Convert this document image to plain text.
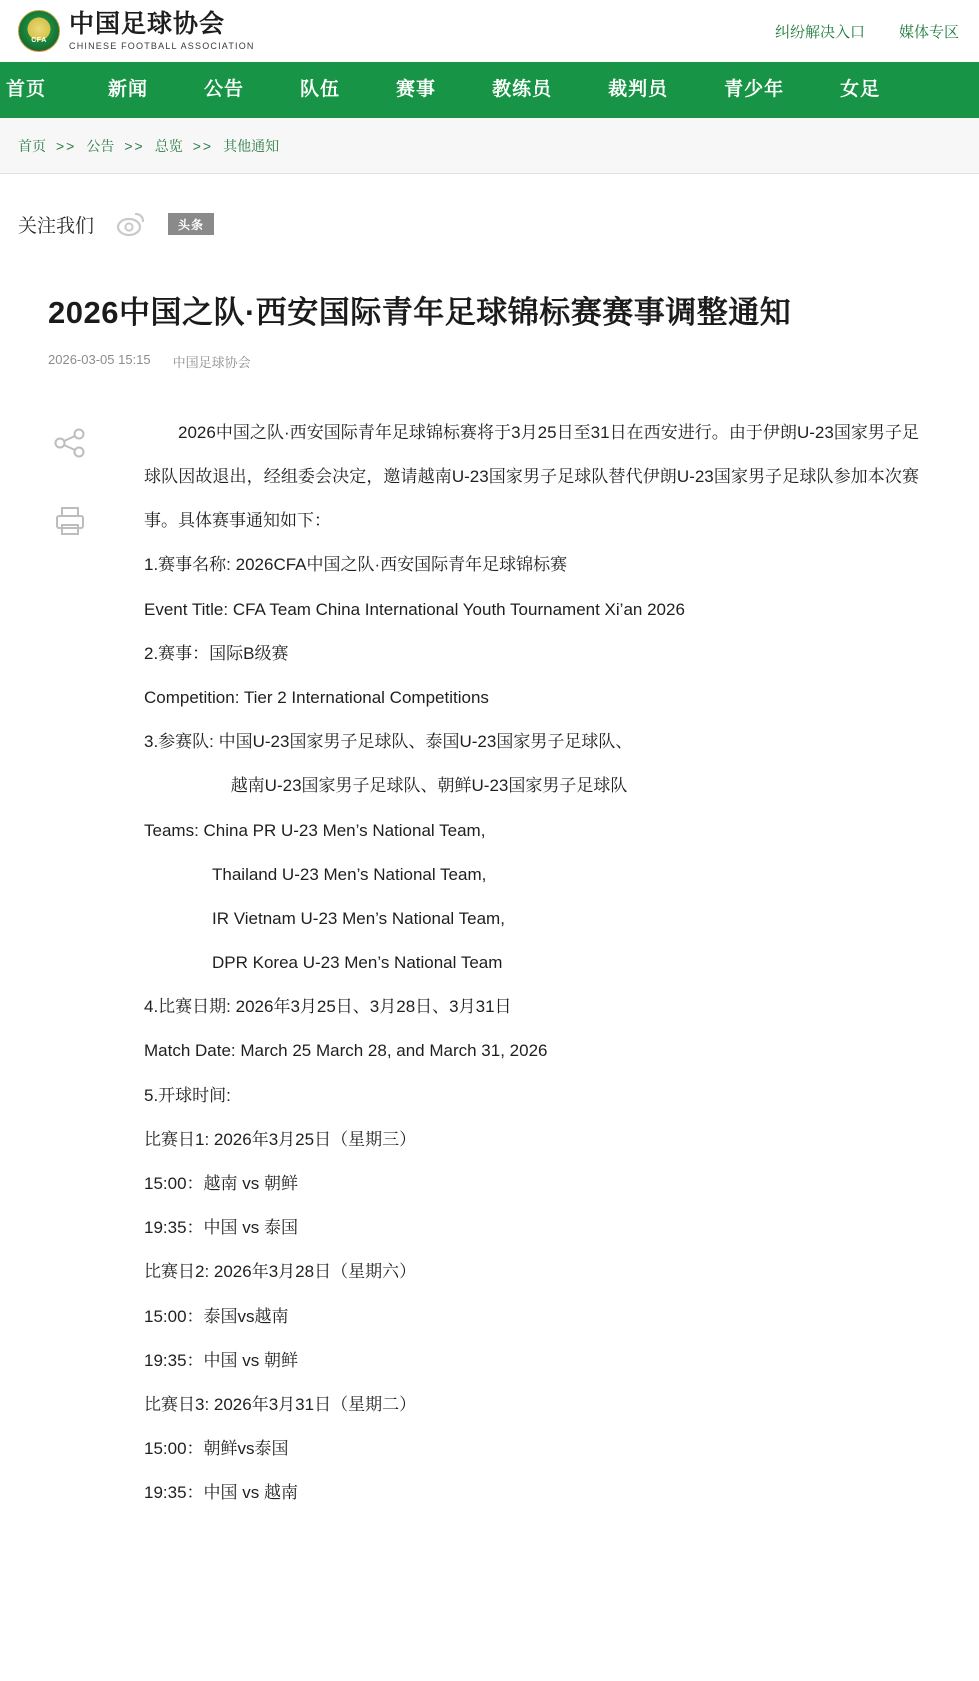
CFA
中国足球协会
CHINESE FOOTBALL ASSOCIATION
纠纷解决入口 媒体专区
首页	新闻	公告	队伍	赛事	教练员	裁判员	青少年	女足
首页 >> 公告 >> 总览 >> 其他通知
关注我们	头条
2026中国之队·西安国际青年足球锦标赛赛事调整通知
2026-03-05 15:15 中国足球协会

2026中国之队·西安国际青年足球锦标赛将于3月25日至31日在西安进行。由于伊朗U-23国家男子足球队因故退出，经组委会决定，邀请越南U-23国家男子足球队替代伊朗U-23国家男子足球队参加本次赛事。具体赛事通知如下：

1.赛事名称: 2026CFA中国之队·西安国际青年足球锦标赛

Event Title: CFA Team China International Youth Tournament Xi’an 2026

2.赛事：国际B级赛

Competition: Tier 2 International Competitions

3.参赛队: 中国U-23国家男子足球队、泰国U-23国家男子足球队、

越南U-23国家男子足球队、朝鲜U-23国家男子足球队

Teams: China PR U-23 Men’s National Team,

Thailand U-23 Men’s National Team,

IR Vietnam U-23 Men’s National Team,

DPR Korea U-23 Men’s National Team

4.比赛日期: 2026年3月25日、3月28日、3月31日

Match Date: March 25 March 28, and March 31, 2026

5.开球时间:

比赛日1: 2026年3月25日（星期三）

15:00：越南 vs 朝鲜

19:35：中国 vs 泰国

比赛日2: 2026年3月28日（星期六）

15:00：泰国vs越南

19:35：中国 vs 朝鲜

比赛日3: 2026年3月31日（星期二）

15:00：朝鲜vs泰国

19:35：中国 vs 越南
